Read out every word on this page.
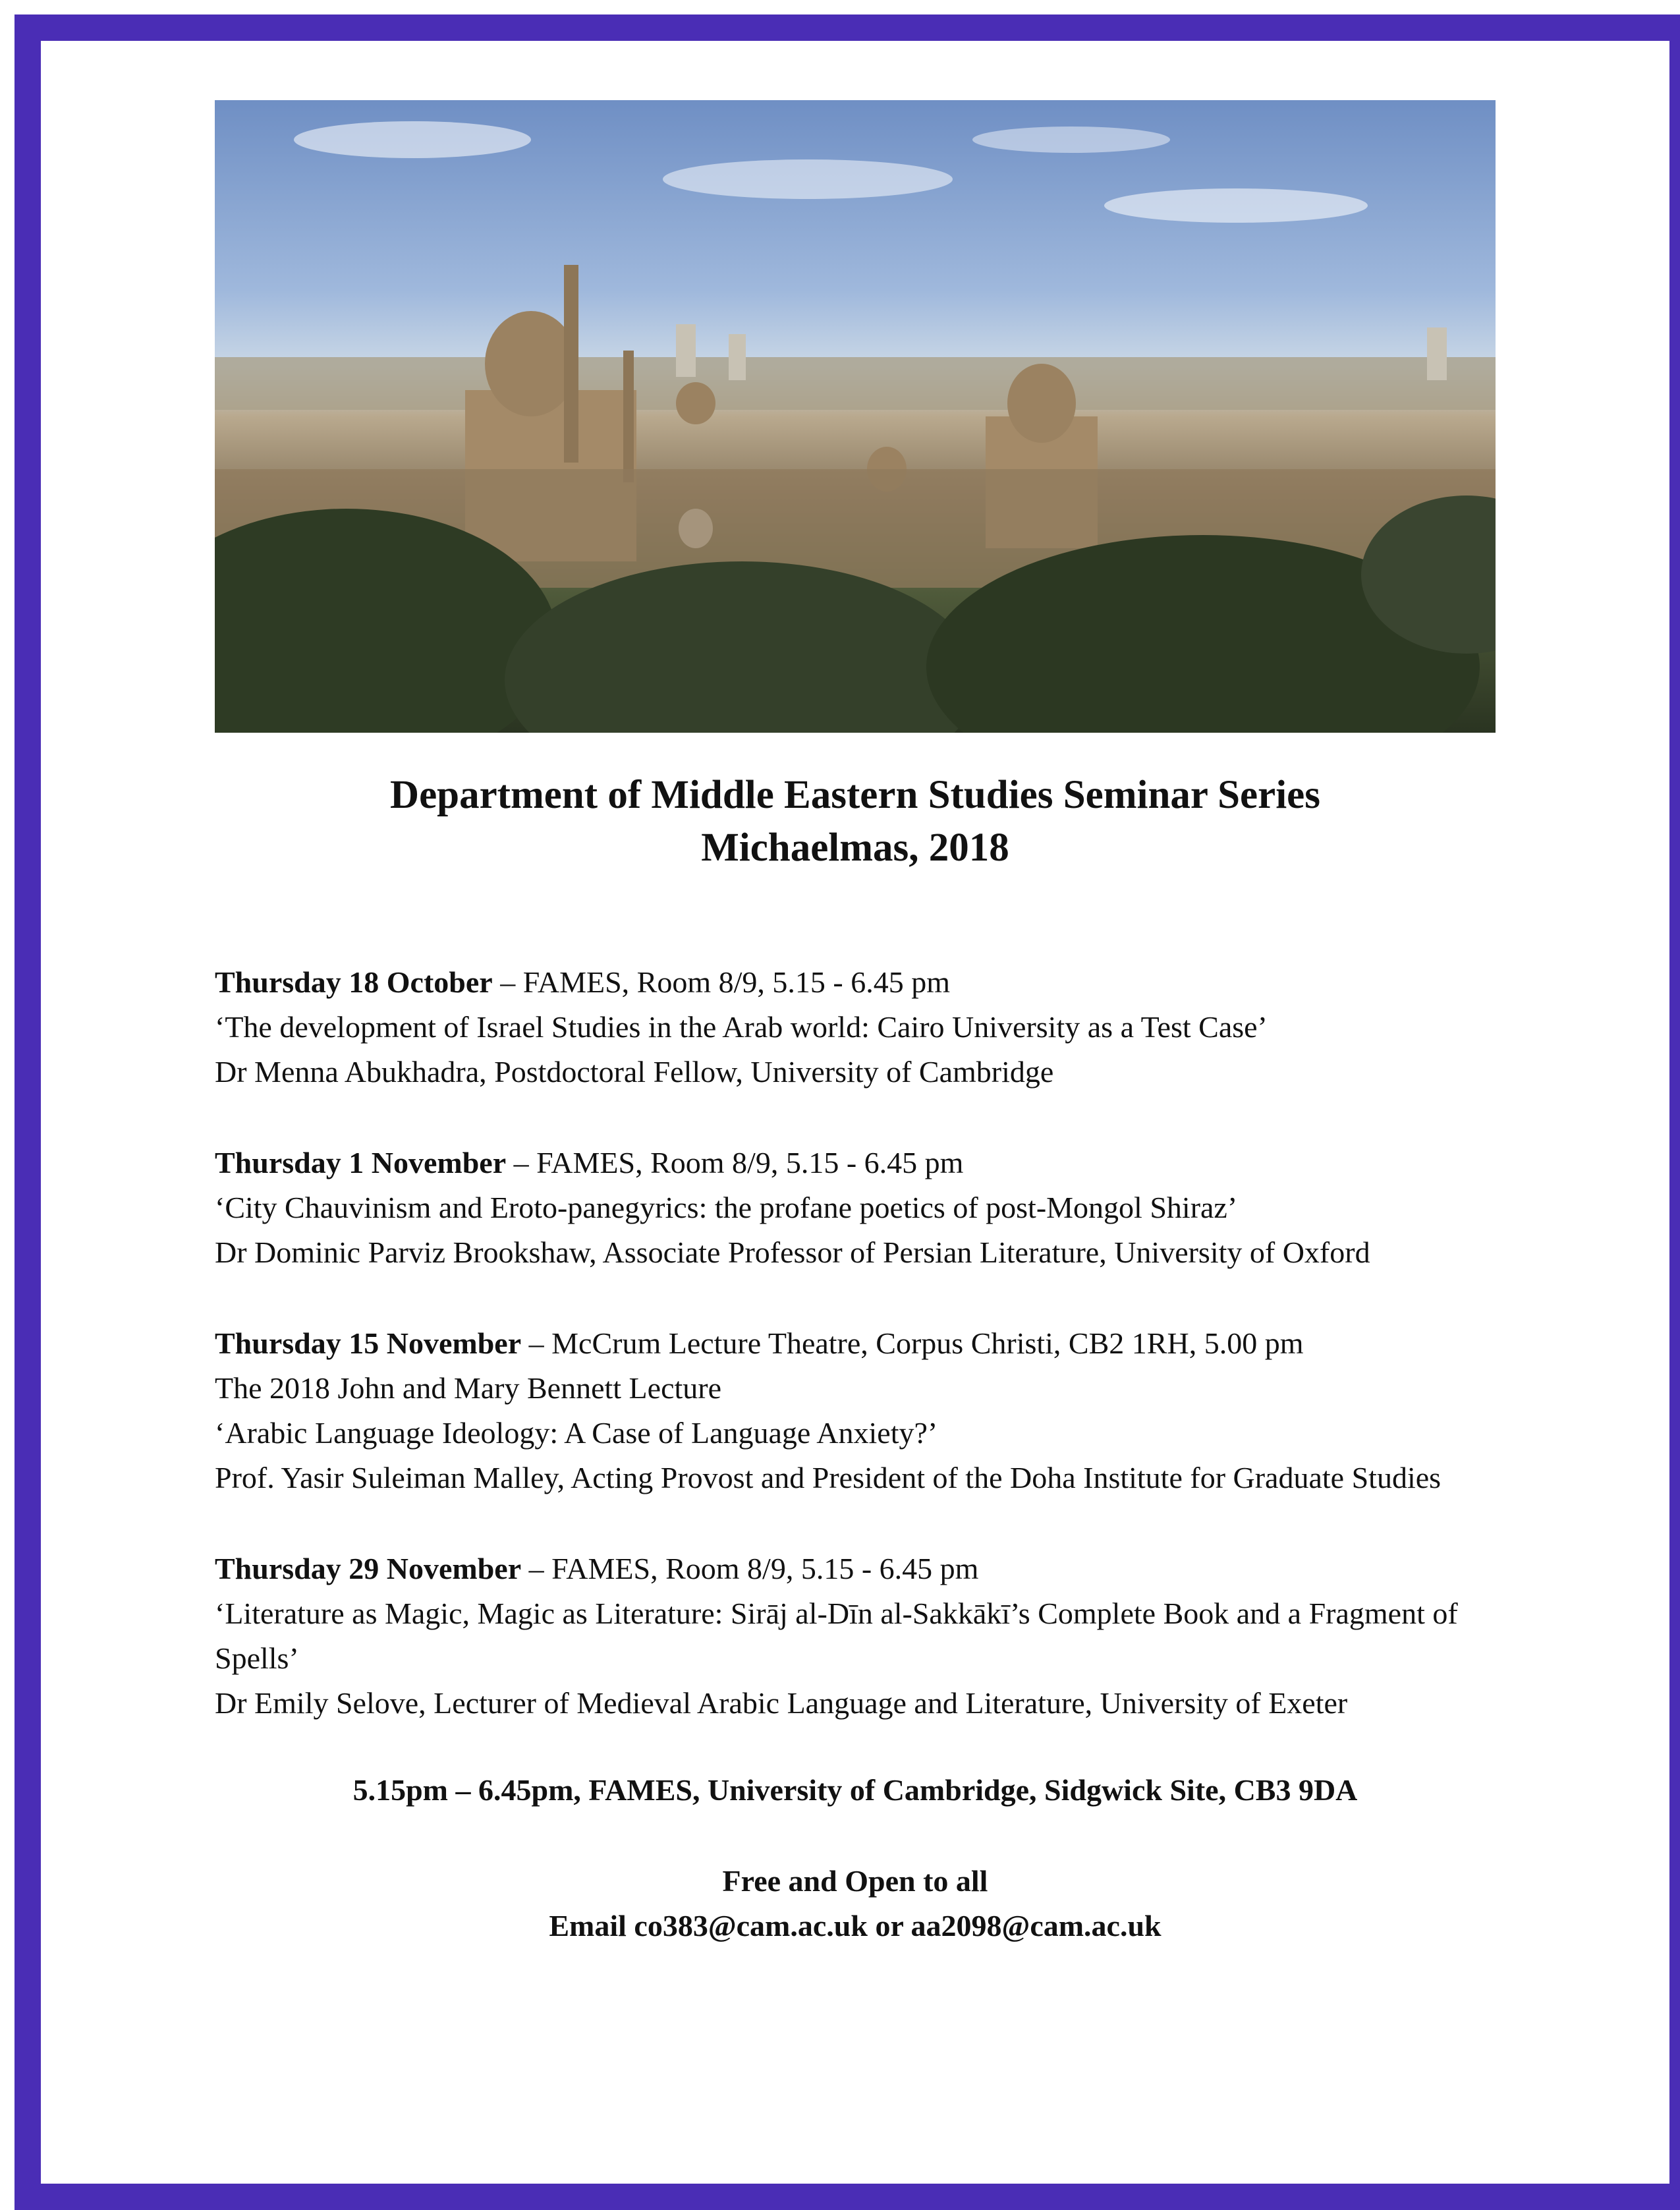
Department of Middle Eastern Studies Seminar Series
Michaelmas, 2018
Thursday 18 October – FAMES, Room 8/9, 5.15 - 6.45 pm
‘The development of Israel Studies in the Arab world: Cairo University as a Test Case’
Dr Menna Abukhadra, Postdoctoral Fellow, University of Cambridge
Thursday 1 November – FAMES, Room 8/9, 5.15 - 6.45 pm
‘City Chauvinism and Eroto-panegyrics: the profane poetics of post-Mongol Shiraz’
Dr Dominic Parviz Brookshaw, Associate Professor of Persian Literature, University of Oxford
Thursday 15 November – McCrum Lecture Theatre, Corpus Christi, CB2 1RH, 5.00 pm
The 2018 John and Mary Bennett Lecture
‘Arabic Language Ideology: A Case of Language Anxiety?’
Prof. Yasir Suleiman Malley, Acting Provost and President of the Doha Institute for Graduate Studies
Thursday 29 November – FAMES, Room 8/9, 5.15 - 6.45 pm
‘Literature as Magic, Magic as Literature: Sirāj al-Dīn al-Sakkākī’s Complete Book and a Fragment of Spells’
Dr Emily Selove, Lecturer of Medieval Arabic Language and Literature, University of Exeter
5.15pm – 6.45pm, FAMES, University of Cambridge, Sidgwick Site, CB3 9DA
Free and Open to all
Email co383@cam.ac.uk or aa2098@cam.ac.uk
